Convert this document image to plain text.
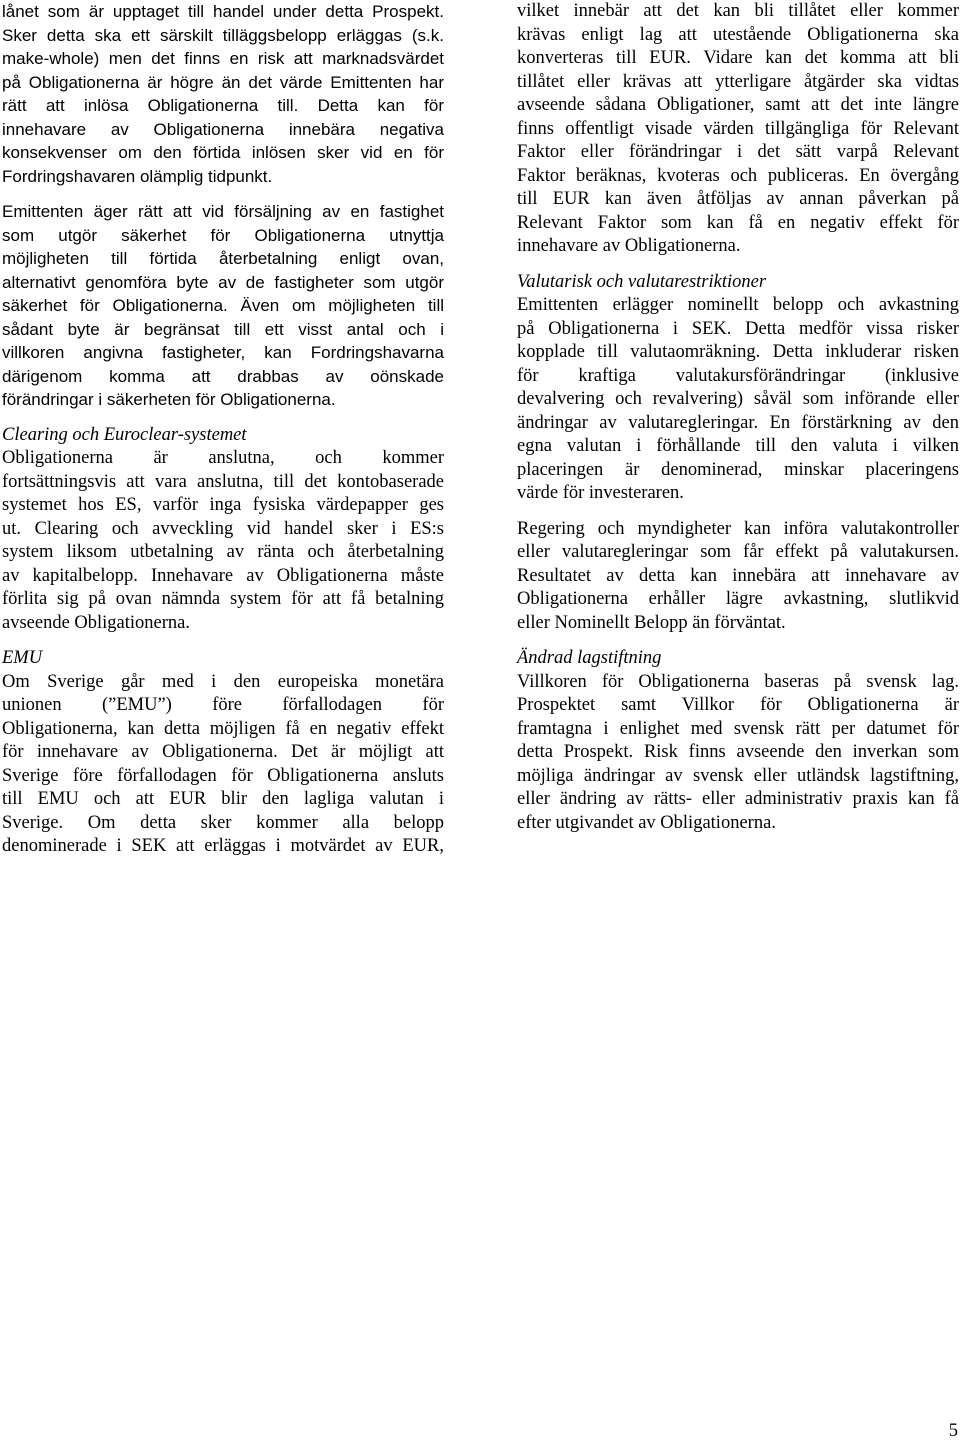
lånet som är upptaget till handel under detta Prospekt.
Sker detta ska ett särskilt tilläggsbelopp erläggas (s.k.
make-whole) men det finns en risk att marknadsvärdet
på Obligationerna är högre än det värde Emittenten har
rätt att inlösa Obligationerna till. Detta kan för
innehavare av Obligationerna innebära negativa
konsekvenser om den förtida inlösen sker vid en för
Fordringshavaren olämplig tidpunkt.
Emittenten äger rätt att vid försäljning av en fastighet
som utgör säkerhet för Obligationerna utnyttja
möjligheten till förtida återbetalning enligt ovan,
alternativt genomföra byte av de fastigheter som utgör
säkerhet för Obligationerna. Även om möjligheten till
sådant byte är begränsat till ett visst antal och i
villkoren angivna fastigheter, kan Fordringshavarna
därigenom komma att drabbas av oönskade
förändringar i säkerheten för Obligationerna.
Clearing och Euroclear-systemet
Obligationerna är anslutna, och kommer
fortsättningsvis att vara anslutna, till det kontobaserade
systemet hos ES, varför inga fysiska värdepapper ges
ut. Clearing och avveckling vid handel sker i ES:s
system liksom utbetalning av ränta och återbetalning
av kapitalbelopp. Innehavare av Obligationerna måste
förlita sig på ovan nämnda system för att få betalning
avseende Obligationerna.
EMU
Om Sverige går med i den europeiska monetära
unionen (”EMU”) före förfallodagen för
Obligationerna, kan detta möjligen få en negativ effekt
för innehavare av Obligationerna. Det är möjligt att
Sverige före förfallodagen för Obligationerna ansluts
till EMU och att EUR blir den lagliga valutan i
Sverige. Om detta sker kommer alla belopp
denominerade i SEK att erläggas i motvärdet av EUR,
vilket innebär att det kan bli tillåtet eller kommer
krävas enligt lag att utestående Obligationerna ska
konverteras till EUR. Vidare kan det komma att bli
tillåtet eller krävas att ytterligare åtgärder ska vidtas
avseende sådana Obligationer, samt att det inte längre
finns offentligt visade värden tillgängliga för Relevant
Faktor eller förändringar i det sätt varpå Relevant
Faktor beräknas, kvoteras och publiceras. En övergång
till EUR kan även åtföljas av annan påverkan på
Relevant Faktor som kan få en negativ effekt för
innehavare av Obligationerna.
Valutarisk och valutarestriktioner
Emittenten erlägger nominellt belopp och avkastning
på Obligationerna i SEK. Detta medför vissa risker
kopplade till valutaomräkning. Detta inkluderar risken
för kraftiga valutakursförändringar (inklusive
devalvering och revalvering) såväl som införande eller
ändringar av valutaregleringar. En förstärkning av den
egna valutan i förhållande till den valuta i vilken
placeringen är denominerad, minskar placeringens
värde för investeraren.
Regering och myndigheter kan införa valutakontroller
eller valutaregleringar som får effekt på valutakursen.
Resultatet av detta kan innebära att innehavare av
Obligationerna erhåller lägre avkastning, slutlikvid
eller Nominellt Belopp än förväntat.
Ändrad lagstiftning
Villkoren för Obligationerna baseras på svensk lag.
Prospektet samt Villkor för Obligationerna är
framtagna i enlighet med svensk rätt per datumet för
detta Prospekt. Risk finns avseende den inverkan som
möjliga ändringar av svensk eller utländsk lagstiftning,
eller ändring av rätts- eller administrativ praxis kan få
efter utgivandet av Obligationerna.
5
